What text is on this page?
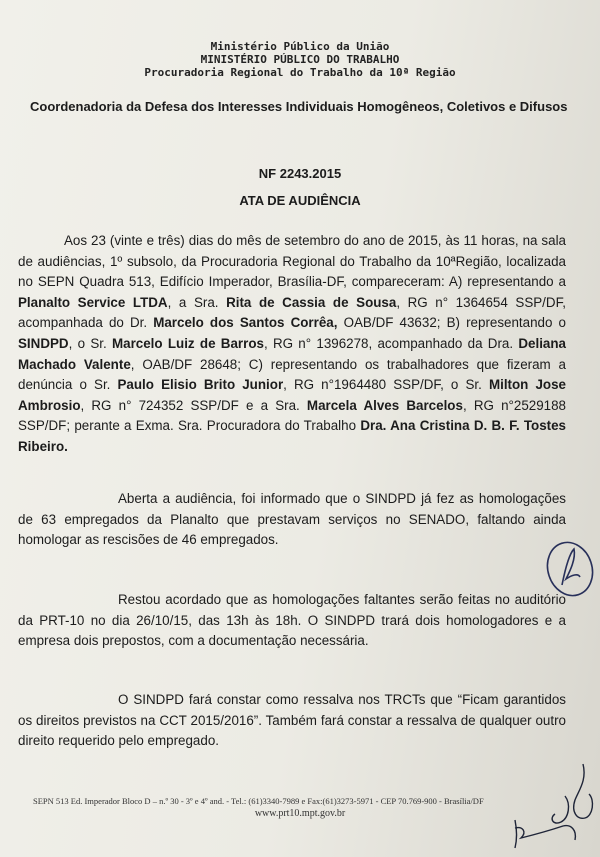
Ministério Público da União
MINISTÉRIO PÚBLICO DO TRABALHO
Procuradoria Regional do Trabalho da 10ª Região
Coordenadoria da Defesa dos Interesses Individuais Homogêneos, Coletivos e Difusos
NF 2243.2015
ATA DE AUDIÊNCIA
Aos 23 (vinte e três) dias do mês de setembro do ano de 2015, às 11 horas, na sala de audiências, 1º subsolo, da Procuradoria Regional do Trabalho da 10ªRegião, localizada no SEPN Quadra 513, Edifício Imperador, Brasília-DF, compareceram: A) representando a Planalto Service LTDA, a Sra. Rita de Cassia de Sousa, RG n° 1364654 SSP/DF, acompanhada do Dr. Marcelo dos Santos Corrêa, OAB/DF 43632; B) representando o SINDPD, o Sr. Marcelo Luiz de Barros, RG n° 1396278, acompanhado da Dra. Deliana Machado Valente, OAB/DF 28648; C) representando os trabalhadores que fizeram a denúncia o Sr. Paulo Elisio Brito Junior, RG n°1964480 SSP/DF, o Sr. Milton Jose Ambrosio, RG n° 724352 SSP/DF e a Sra. Marcela Alves Barcelos, RG n°2529188 SSP/DF; perante a Exma. Sra. Procuradora do Trabalho Dra. Ana Cristina D. B. F. Tostes Ribeiro.
Aberta a audiência, foi informado que o SINDPD já fez as homologações de 63 empregados da Planalto que prestavam serviços no SENADO, faltando ainda homologar as rescisões de 46 empregados.
Restou acordado que as homologações faltantes serão feitas no auditório da PRT-10 no dia 26/10/15, das 13h às 18h. O SINDPD trará dois homologadores e a empresa dois prepostos, com a documentação necessária.
O SINDPD fará constar como ressalva nos TRCTs que “Ficam garantidos os direitos previstos na CCT 2015/2016”. Também fará constar a ressalva de qualquer outro direito requerido pelo empregado.
SEPN 513 Ed. Imperador Bloco D – n.º 30 - 3º e 4º and. - Tel.: (61)3340-7989 e Fax:(61)3273-5971 - CEP 70.769-900 - Brasília/DF
www.prt10.mpt.gov.br
